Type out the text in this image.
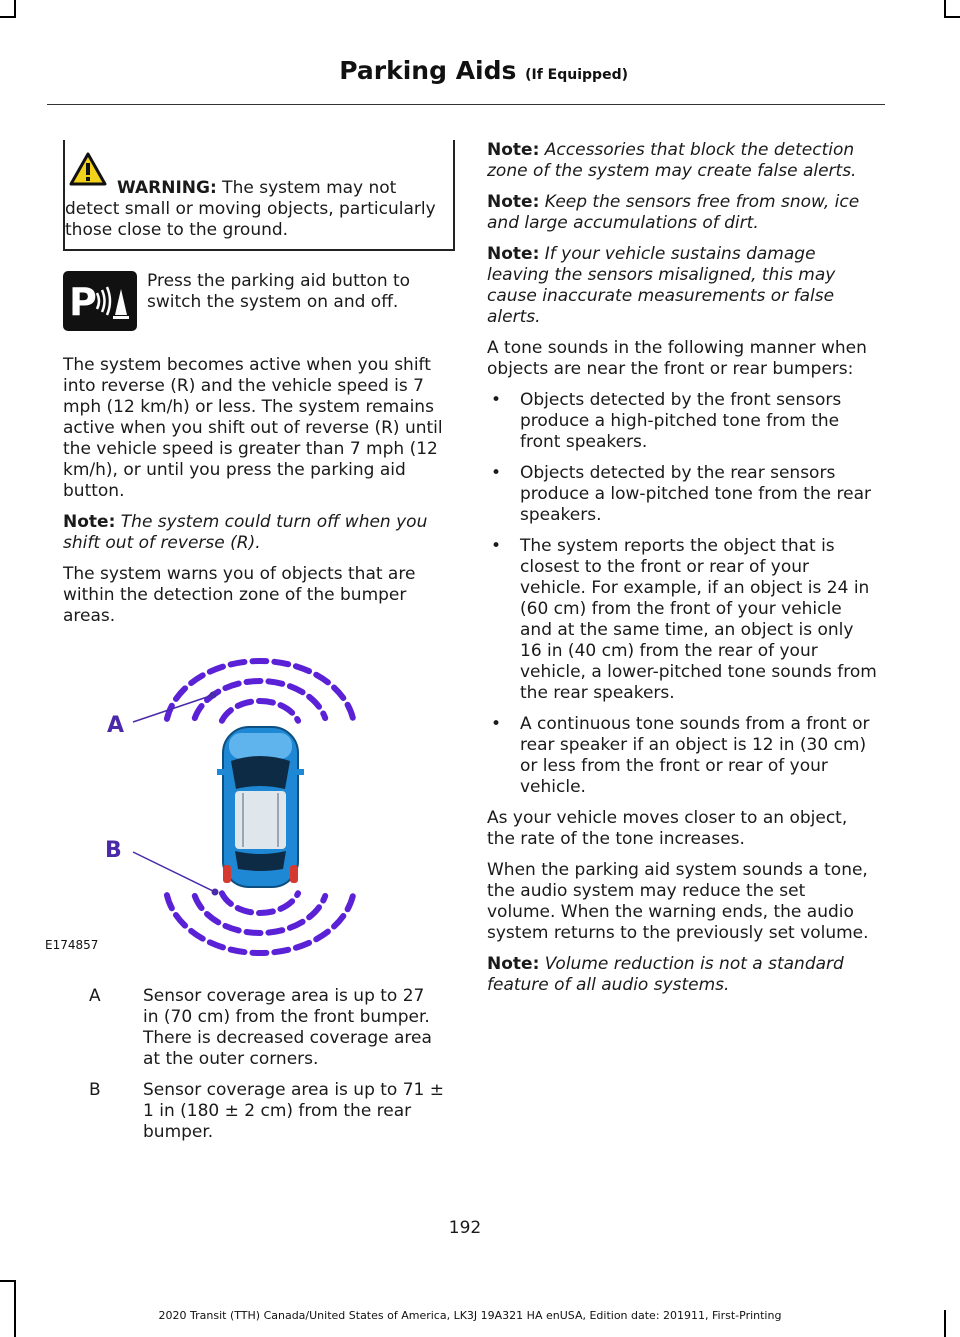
Parking Aids (If Equipped)
WARNING: The system may not detect small or moving objects, particularly those close to the ground.
P	Press the parking aid button to switch the system on and off.

The system becomes active when you shift into reverse (R) and the vehicle speed is 7 mph (12 km/h) or less. The system remains active when you shift out of reverse (R) until the vehicle speed is greater than 7 mph (12 km/h), or until you press the parking aid button.

Note: The system could turn off when you shift out of reverse (R).

The system warns you of objects that are within the detection zone of the bumper areas.

A
B
E174857
A	Sensor coverage area is up to 27 in (70 cm) from the front bumper. There is decreased coverage area at the outer corners.
B	Sensor coverage area is up to 71 ± 1 in (180 ± 2 cm) from the rear bumper.

Note: Accessories that block the detection zone of the system may create false alerts.

Note: Keep the sensors free from snow, ice and large accumulations of dirt.

Note: If your vehicle sustains damage leaving the sensors misaligned, this may cause inaccurate measurements or false alerts.

A tone sounds in the following manner when objects are near the front or rear bumpers:

• Objects detected by the front sensors produce a high-pitched tone from the front speakers.
• Objects detected by the rear sensors produce a low-pitched tone from the rear speakers.
• The system reports the object that is closest to the front or rear of your vehicle. For example, if an object is 24 in (60 cm) from the front of your vehicle and at the same time, an object is only 16 in (40 cm) from the rear of your vehicle, a lower-pitched tone sounds from the rear speakers.
• A continuous tone sounds from a front or rear speaker if an object is 12 in (30 cm) or less from the front or rear of your vehicle.

As your vehicle moves closer to an object, the rate of the tone increases.

When the parking aid system sounds a tone, the audio system may reduce the set volume. When the warning ends, the audio system returns to the previously set volume.

Note: Volume reduction is not a standard feature of all audio systems.

192
2020 Transit (TTH) Canada/United States of America, LK3J 19A321 HA enUSA, Edition date: 201911, First-Printing
